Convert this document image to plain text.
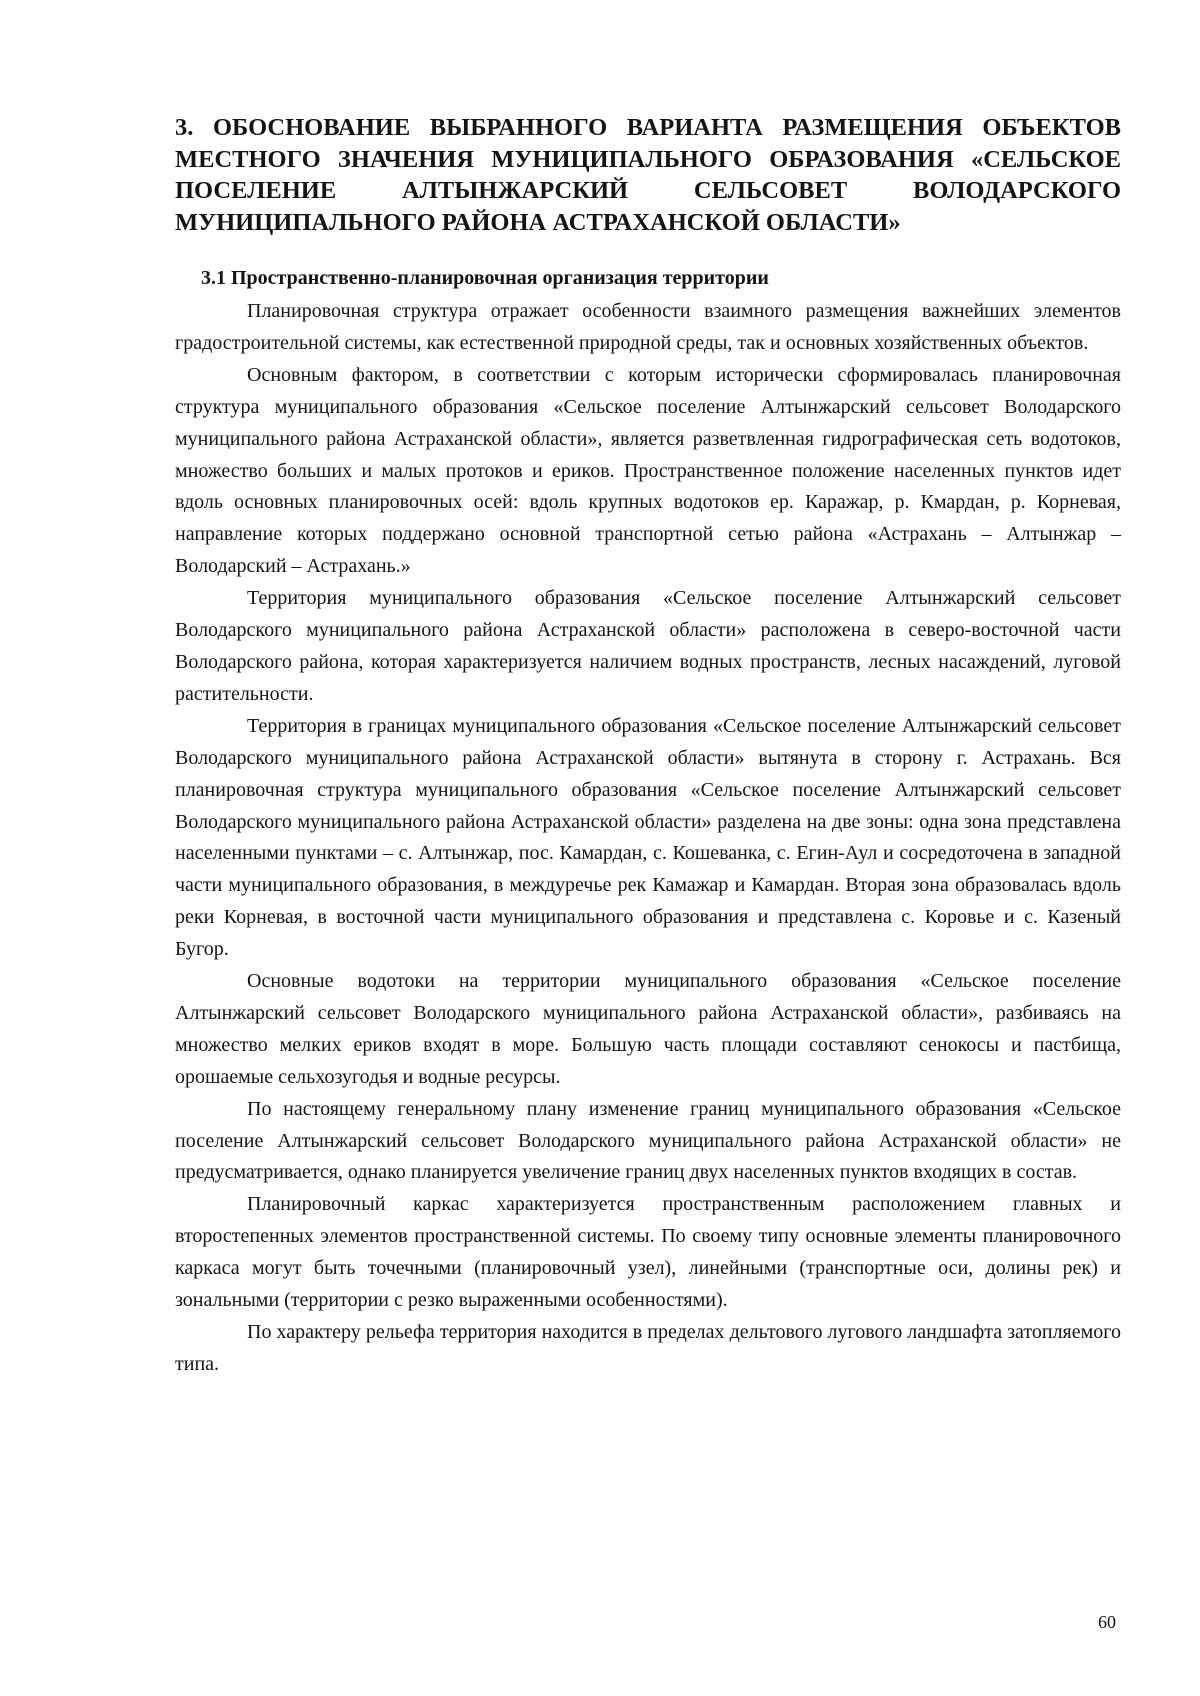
3. ОБОСНОВАНИЕ ВЫБРАННОГО ВАРИАНТА РАЗМЕЩЕНИЯ ОБЪЕКТОВ МЕСТНОГО ЗНАЧЕНИЯ МУНИЦИПАЛЬНОГО ОБРАЗОВАНИЯ «СЕЛЬСКОЕ ПОСЕЛЕНИЕ АЛТЫНЖАРСКИЙ СЕЛЬСОВЕТ ВОЛОДАРСКОГО МУНИЦИПАЛЬНОГО РАЙОНА АСТРАХАНСКОЙ ОБЛАСТИ»
3.1 Пространственно-планировочная организация территории

Планировочная структура отражает особенности взаимного размещения важнейших элементов градостроительной системы, как естественной природной среды, так и основных хозяйственных объектов.

Основным фактором, в соответствии с которым исторически сформировалась планировочная структура муниципального образования «Сельское поселение Алтынжарский сельсовет Володарского муниципального района Астраханской области», является разветвленная гидрографическая сеть водотоков, множество больших и малых протоков и ериков. Пространственное положение населенных пунктов идет вдоль основных планировочных осей: вдоль крупных водотоков ер. Каражар, р. Кмардан, р. Корневая, направление которых поддержано основной транспортной сетью района «Астрахань – Алтынжар – Володарский – Астрахань.»

Территория муниципального образования «Сельское поселение Алтынжарский сельсовет Володарского муниципального района Астраханской области» расположена в северо-восточной части Володарского района, которая характеризуется наличием водных пространств, лесных насаждений, луговой растительности.

Территория в границах муниципального образования «Сельское поселение Алтынжарский сельсовет Володарского муниципального района Астраханской области» вытянута в сторону г. Астрахань. Вся планировочная структура муниципального образования «Сельское поселение Алтынжарский сельсовет Володарского муниципального района Астраханской области» разделена на две зоны: одна зона представлена населенными пунктами – с. Алтынжар, пос. Камардан, с. Кошеванка, с. Егин-Аул и сосредоточена в западной части муниципального образования, в междуречье рек Камажар и Камардан. Вторая зона образовалась вдоль реки Корневая, в восточной части муниципального образования и представлена с. Коровье и с. Казеный Бугор.

Основные водотоки на территории муниципального образования «Сельское поселение Алтынжарский сельсовет Володарского муниципального района Астраханской области», разбиваясь на множество мелких ериков входят в море. Большую часть площади составляют сенокосы и пастбища, орошаемые сельхозугодья и водные ресурсы.

По настоящему генеральному плану изменение границ муниципального образования «Сельское поселение Алтынжарский сельсовет Володарского муниципального района Астраханской области» не предусматривается, однако планируется увеличение границ двух населенных пунктов входящих в состав.

Планировочный каркас характеризуется пространственным расположением главных и второстепенных элементов пространственной системы. По своему типу основные элементы планировочного каркаса могут быть точечными (планировочный узел), линейными (транспортные оси, долины рек) и зональными (территории с резко выраженными особенностями).

По характеру рельефа территория находится в пределах дельтового лугового ландшафта затопляемого типа.

60
